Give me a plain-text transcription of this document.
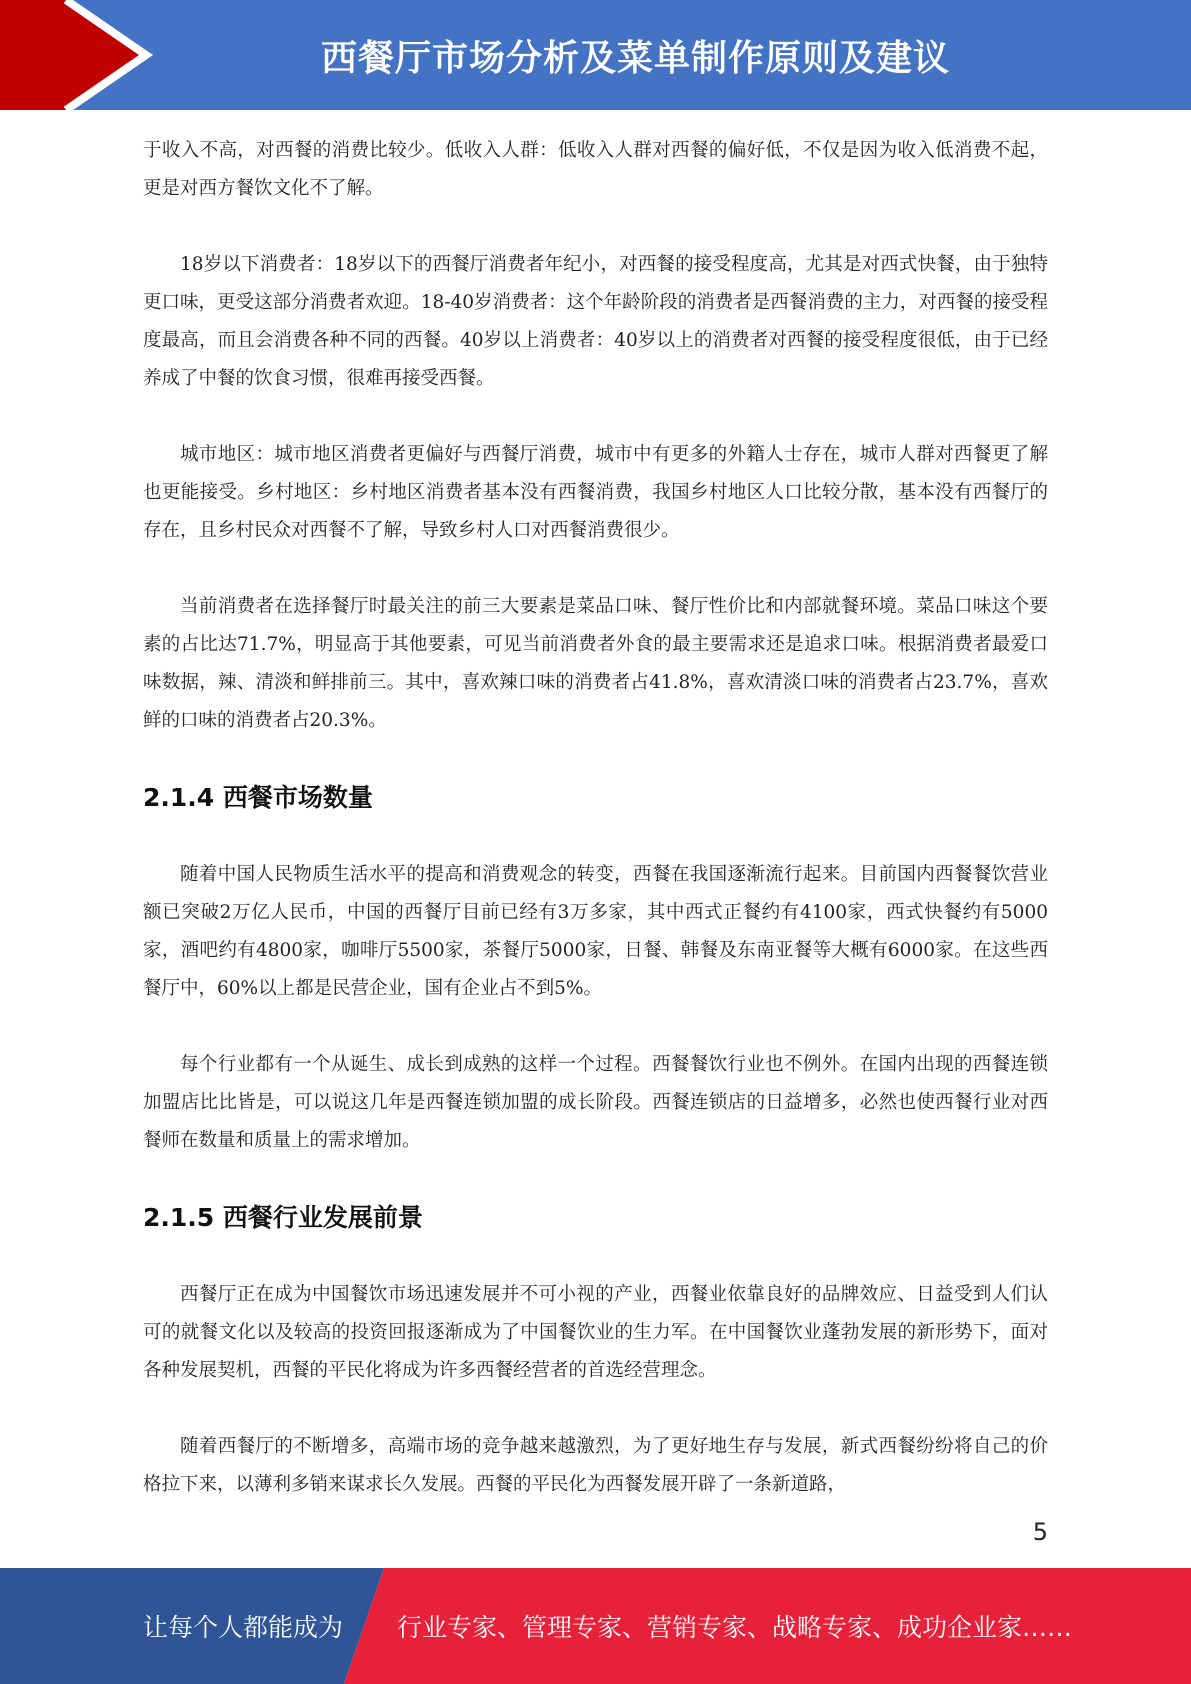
西餐厅市场分析及菜单制作原则及建议

于收入不高，对西餐的消费比较少。低收入人群：低收入人群对西餐的偏好低，不仅是因为收入低消费不起，更是对西方餐饮文化不了解。

18岁以下消费者：18岁以下的西餐厅消费者年纪小，对西餐的接受程度高，尤其是对西式快餐，由于独特更口味，更受这部分消费者欢迎。18-40岁消费者：这个年龄阶段的消费者是西餐消费的主力，对西餐的接受程度最高，而且会消费各种不同的西餐。40岁以上消费者：40岁以上的消费者对西餐的接受程度很低，由于已经养成了中餐的饮食习惯，很难再接受西餐。

城市地区：城市地区消费者更偏好与西餐厅消费，城市中有更多的外籍人士存在，城市人群对西餐更了解也更能接受。乡村地区：乡村地区消费者基本没有西餐消费，我国乡村地区人口比较分散，基本没有西餐厅的存在，且乡村民众对西餐不了解，导致乡村人口对西餐消费很少。

当前消费者在选择餐厅时最关注的前三大要素是菜品口味、餐厅性价比和内部就餐环境。菜品口味这个要素的占比达71.7%，明显高于其他要素，可见当前消费者外食的最主要需求还是追求口味。根据消费者最爱口味数据，辣、清淡和鲜排前三。其中，喜欢辣口味的消费者占41.8%，喜欢清淡口味的消费者占23.7%，喜欢鲜的口味的消费者占20.3%。

2.1.4 西餐市场数量

随着中国人民物质生活水平的提高和消费观念的转变，西餐在我国逐渐流行起来。目前国内西餐餐饮营业额已突破2万亿人民币，中国的西餐厅目前已经有3万多家，其中西式正餐约有4100家，西式快餐约有5000家，酒吧约有4800家，咖啡厅5500家，茶餐厅5000家，日餐、韩餐及东南亚餐等大概有6000家。在这些西餐厅中，60%以上都是民营企业，国有企业占不到5%。

每个行业都有一个从诞生、成长到成熟的这样一个过程。西餐餐饮行业也不例外。在国内出现的西餐连锁加盟店比比皆是，可以说这几年是西餐连锁加盟的成长阶段。西餐连锁店的日益增多，必然也使西餐行业对西餐师在数量和质量上的需求增加。

2.1.5 西餐行业发展前景

西餐厅正在成为中国餐饮市场迅速发展并不可小视的产业，西餐业依靠良好的品牌效应、日益受到人们认可的就餐文化以及较高的投资回报逐渐成为了中国餐饮业的生力军。在中国餐饮业蓬勃发展的新形势下，面对各种发展契机，西餐的平民化将成为许多西餐经营者的首选经营理念。

随着西餐厅的不断增多，高端市场的竞争越来越激烈，为了更好地生存与发展，新式西餐纷纷将自己的价格拉下来，以薄利多销来谋求长久发展。西餐的平民化为西餐发展开辟了一条新道路，

5
让每个人都能成为 行业专家、管理专家、营销专家、战略专家、成功企业家……
